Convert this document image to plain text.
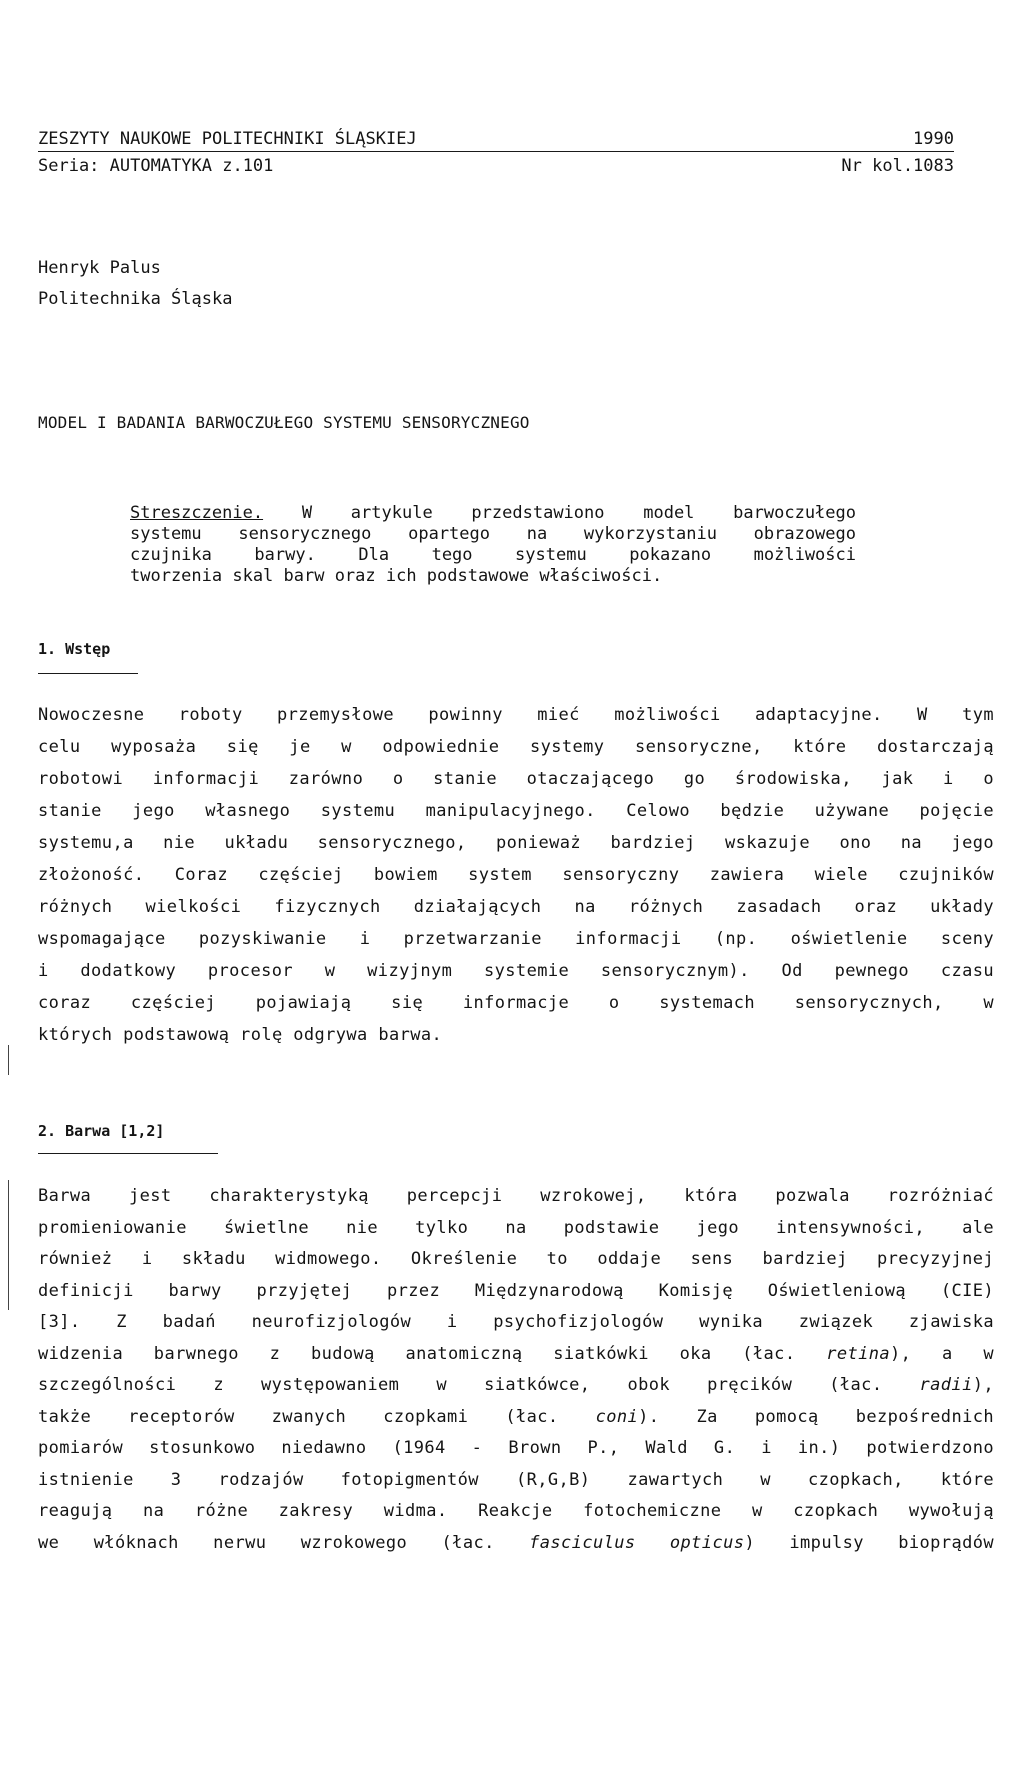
ZESZYTY NAUKOWE POLITECHNIKI ŚLĄSKIEJ	1990
Seria: AUTOMATYKA z.101	Nr kol.1083
Henryk Palus
Politechnika Śląska
MODEL I BADANIA BARWOCZUŁEGO SYSTEMU SENSORYCZNEGO
Streszczenie. W artykule przedstawiono model barwoczułego
systemu sensorycznego opartego na wykorzystaniu obrazowego
czujnika barwy. Dla tego systemu pokazano możliwości
tworzenia skal barw oraz ich podstawowe właściwości.
1. Wstęp
Nowoczesne roboty przemysłowe powinny mieć możliwości adaptacyjne. W tym
celu wyposaża się je w odpowiednie systemy sensoryczne, które dostarczają
robotowi informacji zarówno o stanie otaczającego go środowiska, jak i o
stanie jego własnego systemu manipulacyjnego. Celowo będzie używane pojęcie
systemu,a nie układu sensorycznego, ponieważ bardziej wskazuje ono na jego
złożoność. Coraz częściej bowiem system sensoryczny zawiera wiele czujników
różnych wielkości fizycznych działających na różnych zasadach oraz układy
wspomagające pozyskiwanie i przetwarzanie informacji (np. oświetlenie sceny
i dodatkowy procesor w wizyjnym systemie sensorycznym). Od pewnego czasu
coraz częściej pojawiają się informacje o systemach sensorycznych, w
których podstawową rolę odgrywa barwa.
2. Barwa [1,2]
Barwa jest charakterystyką percepcji wzrokowej, która pozwala rozróżniać
promieniowanie świetlne nie tylko na podstawie jego intensywności, ale
również i składu widmowego. Określenie to oddaje sens bardziej precyzyjnej
definicji barwy przyjętej przez Międzynarodową Komisję Oświetleniową (CIE)
[3]. Z badań neurofizjologów i psychofizjologów wynika związek zjawiska
widzenia barwnego z budową anatomiczną siatkówki oka (łac. retina), a w
szczególności z występowaniem w siatkówce, obok pręcików (łac. radii),
także receptorów zwanych czopkami (łac. coni). Za pomocą bezpośrednich
pomiarów stosunkowo niedawno (1964 - Brown P., Wald G. i in.) potwierdzono
istnienie 3 rodzajów fotopigmentów (R,G,B) zawartych w czopkach, które
reagują na różne zakresy widma. Reakcje fotochemiczne w czopkach wywołują
we włóknach nerwu wzrokowego (łac. fasciculus opticus) impulsy bioprądów
